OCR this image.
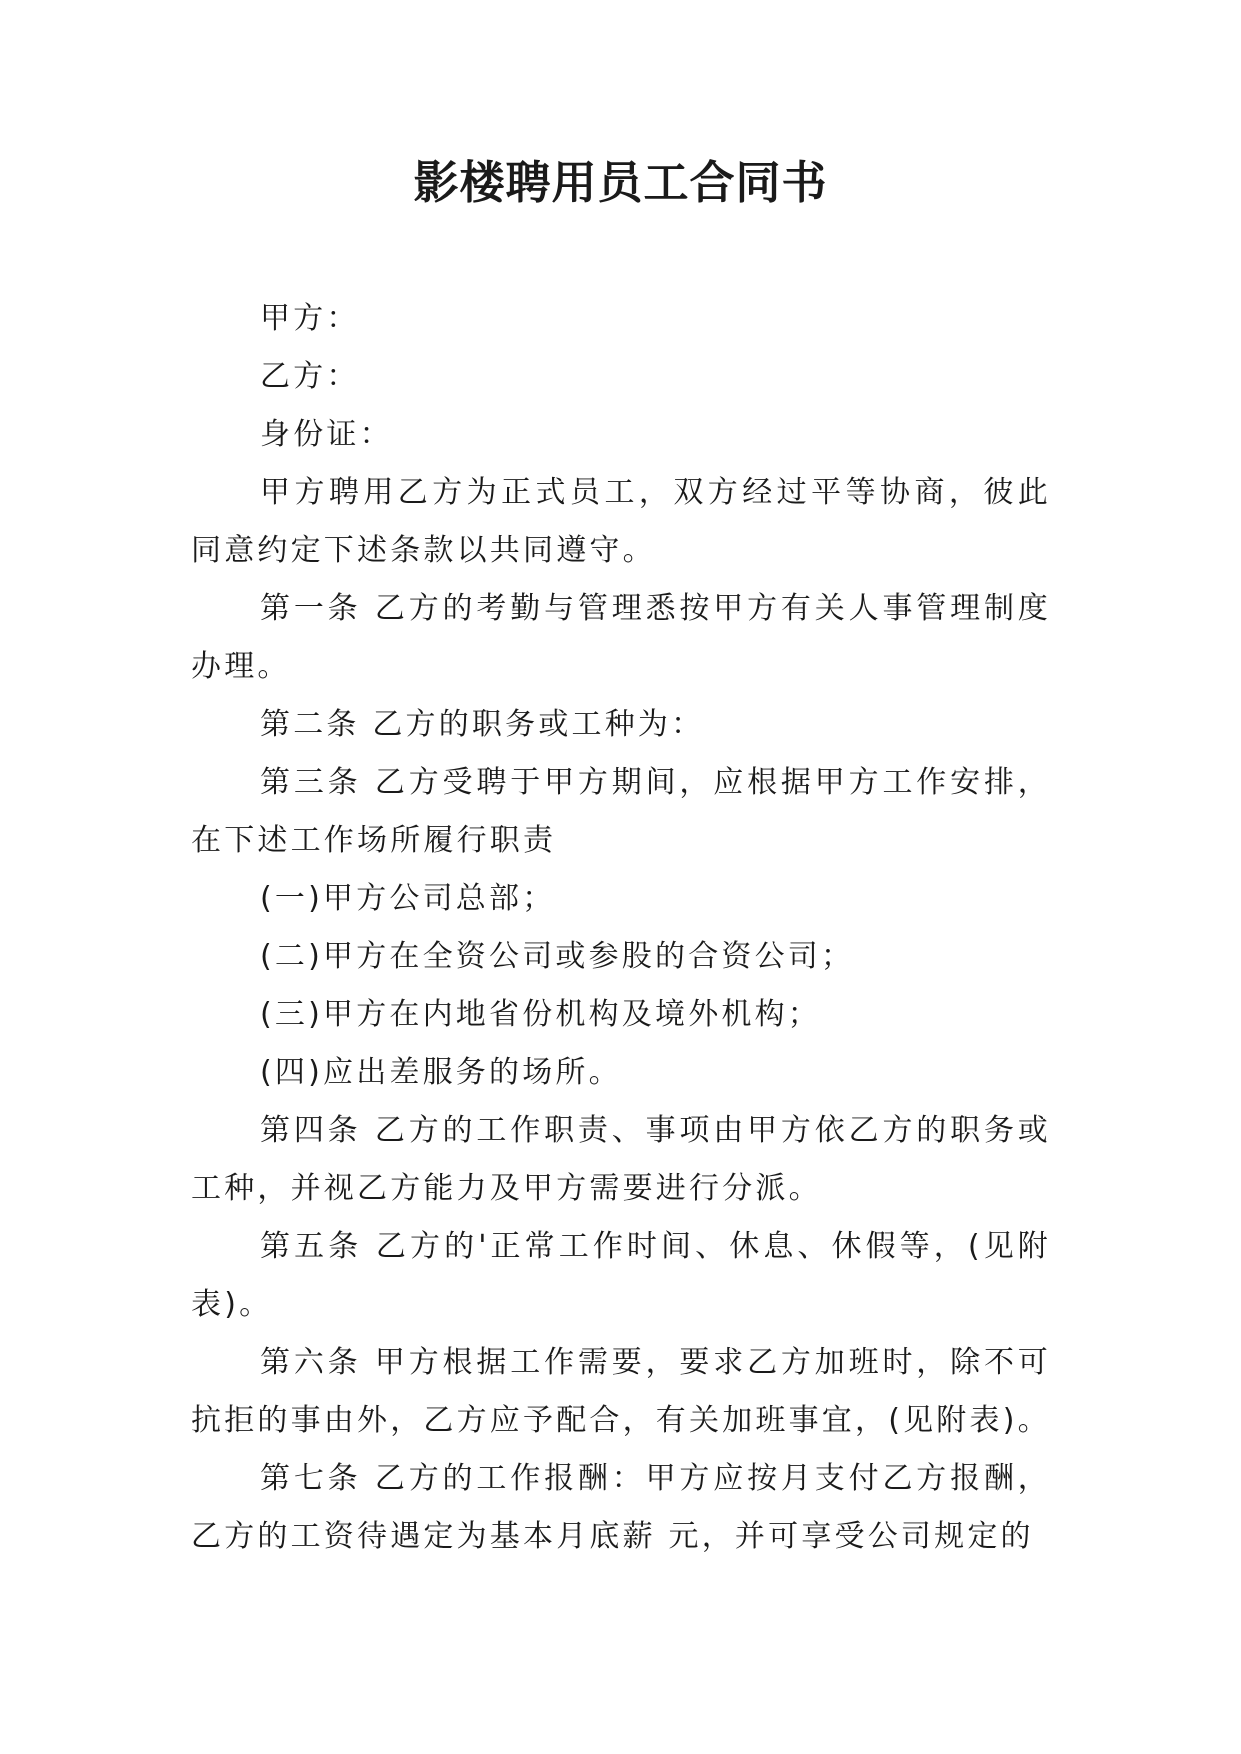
影楼聘用员工合同书

甲方：

乙方：

身份证：

甲方聘用乙方为正式员工，双方经过平等协商，彼此同意约定下述条款以共同遵守。

第一条 乙方的考勤与管理悉按甲方有关人事管理制度办理。

第二条 乙方的职务或工种为：

第三条 乙方受聘于甲方期间，应根据甲方工作安排，在下述工作场所履行职责

(一)甲方公司总部；

(二)甲方在全资公司或参股的合资公司；

(三)甲方在内地省份机构及境外机构；

(四)应出差服务的场所。

第四条 乙方的工作职责、事项由甲方依乙方的职务或工种，并视乙方能力及甲方需要进行分派。

第五条 乙方的'正常工作时间、休息、休假等，(见附表)。

第六条 甲方根据工作需要，要求乙方加班时，除不可抗拒的事由外，乙方应予配合，有关加班事宜，(见附表)。

第七条 乙方的工作报酬：甲方应按月支付乙方报酬，乙方的工资待遇定为基本月底薪 元，并可享受公司规定的
